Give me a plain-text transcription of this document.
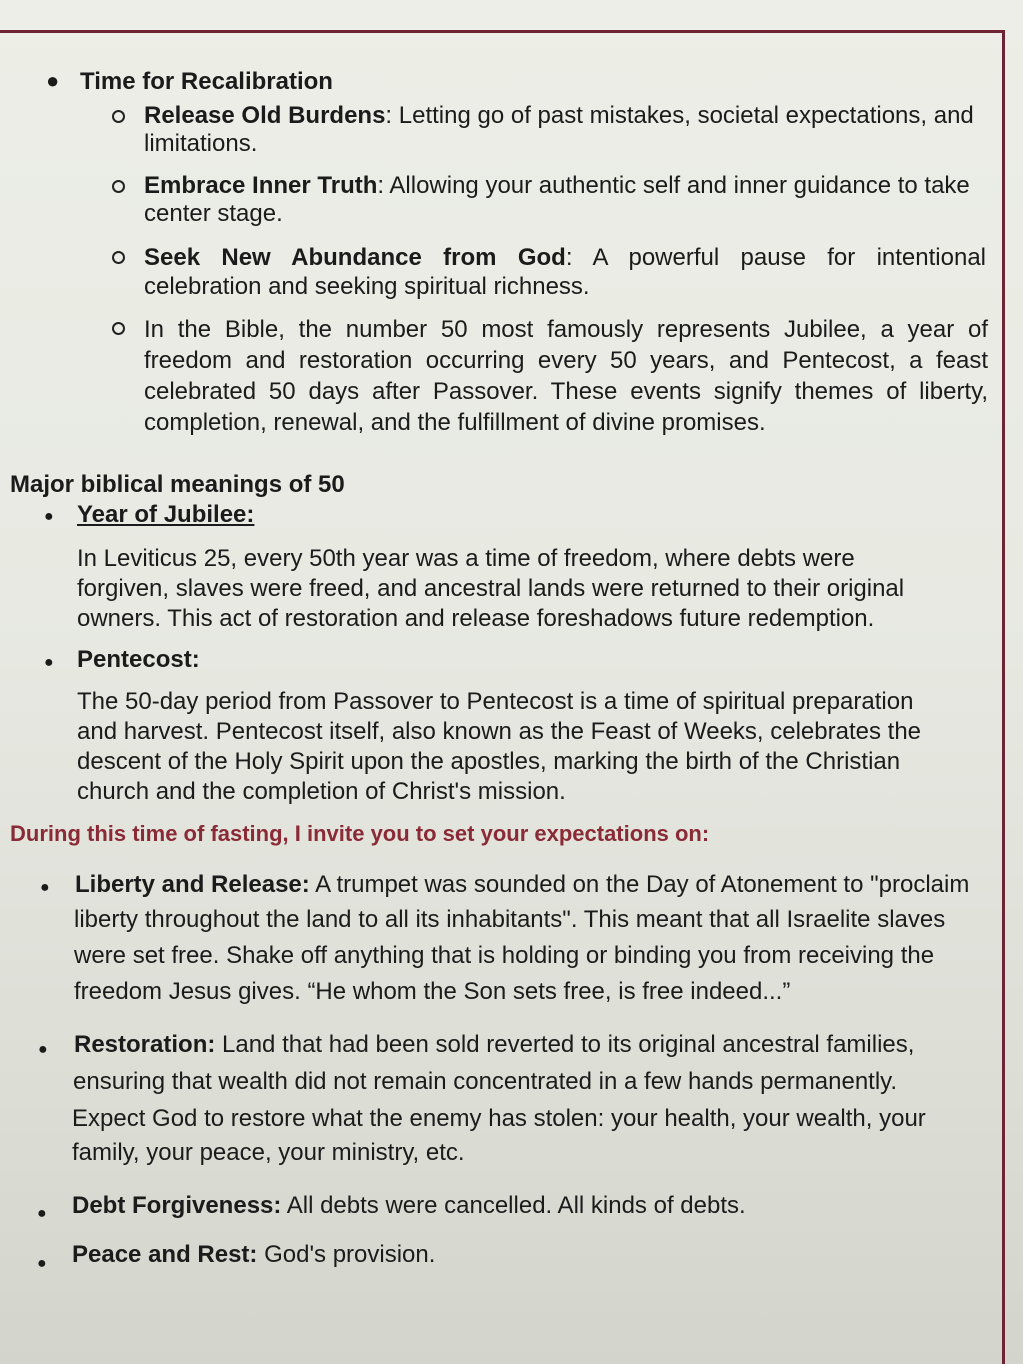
● Time for Recalibration
Release Old Burdens: Letting go of past mistakes, societal expectations, and
limitations.
Embrace Inner Truth: Allowing your authentic self and inner guidance to take
center stage.
Seek New Abundance from God: A powerful pause for intentional
celebration and seeking spiritual richness.
In the Bible, the number 50 most famously represents Jubilee, a year of
freedom and restoration occurring every 50 years, and Pentecost, a feast
celebrated 50 days after Passover. These events signify themes of liberty,
completion, renewal, and the fulfillment of divine promises.
Major biblical meanings of 50
● Year of Jubilee:
In Leviticus 25, every 50th year was a time of freedom, where debts were
forgiven, slaves were freed, and ancestral lands were returned to their original
owners. This act of restoration and release foreshadows future redemption.
● Pentecost:
The 50-day period from Passover to Pentecost is a time of spiritual preparation
and harvest. Pentecost itself, also known as the Feast of Weeks, celebrates the
descent of the Holy Spirit upon the apostles, marking the birth of the Christian
church and the completion of Christ's mission.
During this time of fasting, I invite you to set your expectations on:
● Liberty and Release: A trumpet was sounded on the Day of Atonement to "proclaim
liberty throughout the land to all its inhabitants". This meant that all Israelite slaves
were set free. Shake off anything that is holding or binding you from receiving the
freedom Jesus gives. “He whom the Son sets free, is free indeed...”
● Restoration: Land that had been sold reverted to its original ancestral families,
ensuring that wealth did not remain concentrated in a few hands permanently.
Expect God to restore what the enemy has stolen: your health, your wealth, your
family, your peace, your ministry, etc.
● Debt Forgiveness: All debts were cancelled. All kinds of debts.
● Peace and Rest: God's provision.
